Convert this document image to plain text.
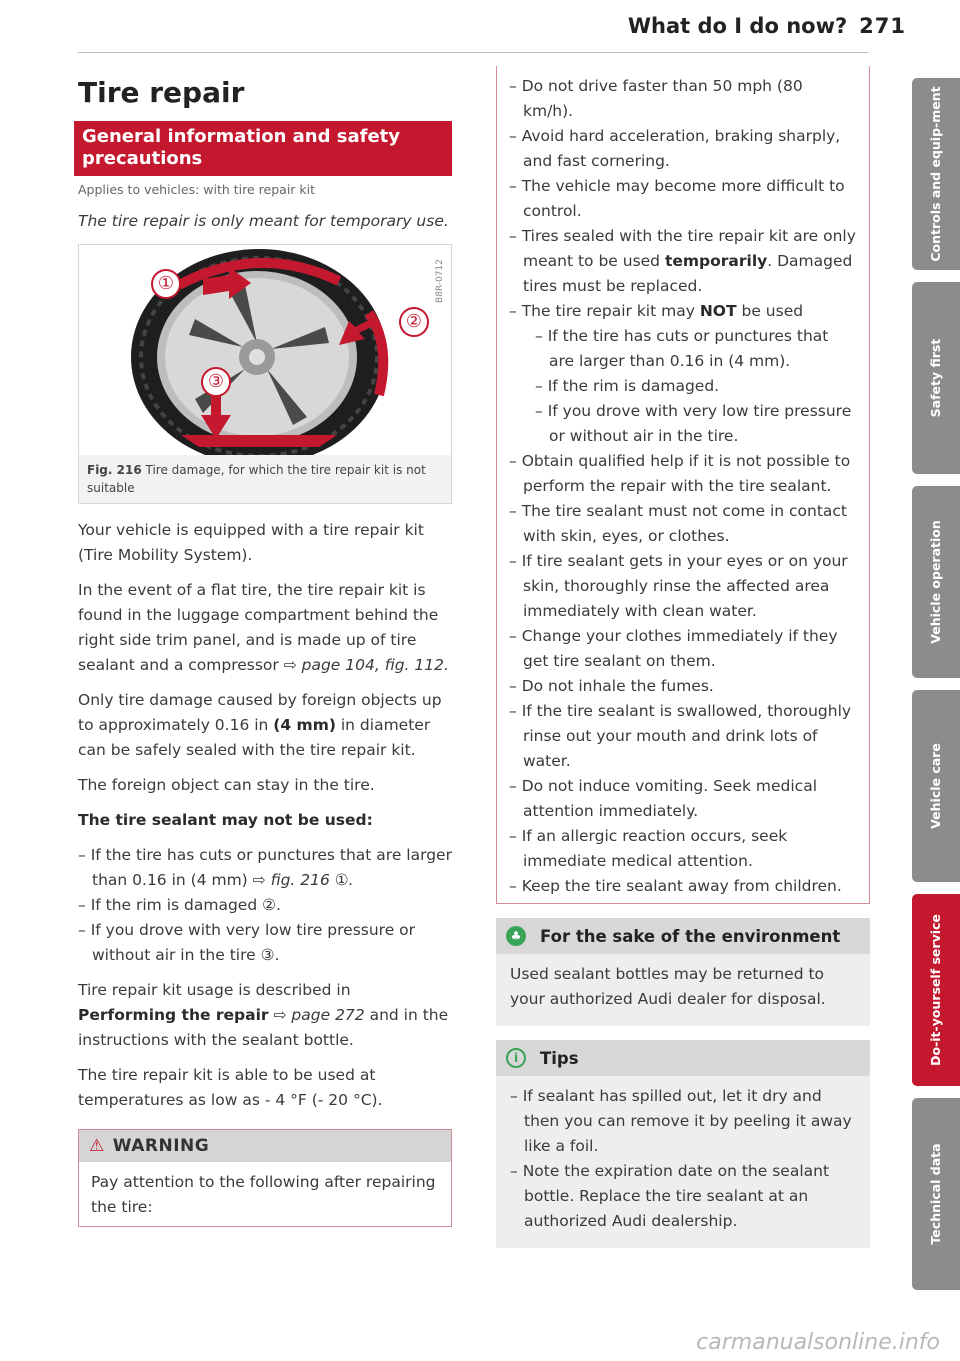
What do I do now? 271
Tire repair
General information and safety precautions
Applies to vehicles: with tire repair kit

The tire repair is only meant for temporary use.

①
②
③
B8R-0712
Fig. 216 Tire damage, for which the tire repair kit is not suitable

Your vehicle is equipped with a tire repair kit (Tire Mobility System).

In the event of a flat tire, the tire repair kit is found in the luggage compartment behind the right side trim panel, and is made up of tire sealant and a compressor ⇨ page 104, fig. 112.

Only tire damage caused by foreign objects up to approximately 0.16 in (4 mm) in diameter can be safely sealed with the tire repair kit.

The foreign object can stay in the tire.

The tire sealant may not be used:

– If the tire has cuts or punctures that are larger than 0.16 in (4 mm) ⇨ fig. 216 ①.
– If the rim is damaged ②.
– If you drove with very low tire pressure or without air in the tire ③.

Tire repair kit usage is described in Performing the repair ⇨ page 272 and in the instructions with the sealant bottle.

The tire repair kit is able to be used at temperatures as low as - 4 °F (- 20 °C).

⚠ WARNING

Pay attention to the following after repairing the tire:

– Do not drive faster than 50 mph (80 km/h).
– Avoid hard acceleration, braking sharply, and fast cornering.
– The vehicle may become more difficult to control.
– Tires sealed with the tire repair kit are only meant to be used temporarily. Damaged tires must be replaced.
– The tire repair kit may NOT be used
– If the tire has cuts or punctures that are larger than 0.16 in (4 mm).
– If the rim is damaged.
– If you drove with very low tire pressure or without air in the tire.
– Obtain qualified help if it is not possible to perform the repair with the tire sealant.
– The tire sealant must not come in contact with skin, eyes, or clothes.
– If tire sealant gets in your eyes or on your skin, thoroughly rinse the affected area immediately with clean water.
– Change your clothes immediately if they get tire sealant on them.
– Do not inhale the fumes.
– If the tire sealant is swallowed, thoroughly rinse out your mouth and drink lots of water.
– Do not induce vomiting. Seek medical attention immediately.
– If an allergic reaction occurs, seek immediate medical attention.
– Keep the tire sealant away from children.
♣ For the sake of the environment

Used sealant bottles may be returned to your authorized Audi dealer for disposal.

i	Tips
– If sealant has spilled out, let it dry and then you can remove it by peeling it away like a foil.
– Note the expiration date on the sealant bottle. Replace the tire sealant at an authorized Audi dealership.
Controls and equip-ment
Safety first
Vehicle operation
Vehicle care
Do-it-yourself service
Technical data
carmanualsonline.info
